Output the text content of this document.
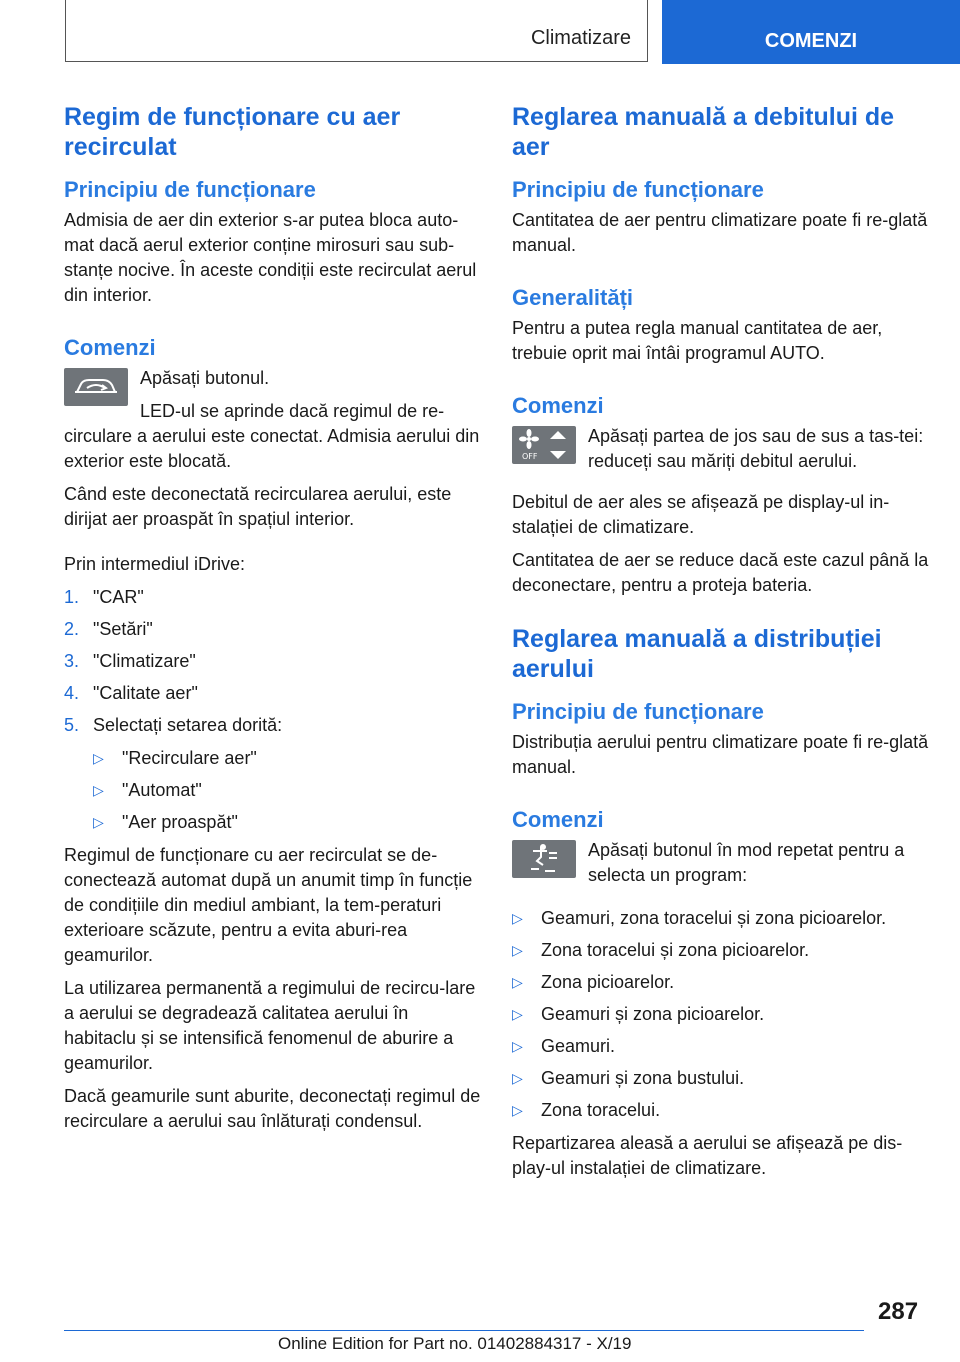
Climatizare	COMENZI
Regim de funcționare cu aer recirculat
Principiu de funcționare

Admisia de aer din exterior s-ar putea bloca auto‐mat dacă aerul exterior conține mirosuri sau sub‐stanțe nocive. În aceste condiții este recirculat aerul din interior.

Comenzi

Apăsați butonul.

LED-ul se aprinde dacă regimul de re‐circulare a aerului este conectat. Admisia aerului din exterior este blocată.

Când este deconectată recircularea aerului, este dirijat aer proaspăt în spațiul interior.

Prin intermediul iDrive:

1. "CAR"
2. "Setări"
3. "Climatizare"
4. "Calitate aer"
5. Selectați setarea dorită:
▷	"Recirculare aer"
▷	"Automat"
▷	"Aer proaspăt"

Regimul de funcționare cu aer recirculat se de‐conectează automat după un anumit timp în funcție de condițiile din mediul ambiant, la tem‐peraturi exterioare scăzute, pentru a evita aburi‐rea geamurilor.

La utilizarea permanentă a regimului de recircu‐lare a aerului se degradează calitatea aerului în habitaclu și se intensifică fenomenul de aburire a geamurilor.

Dacă geamurile sunt aburite, deconectați regimul de recirculare a aerului sau înlăturați condensul.

Reglarea manuală a debitului de aer
Principiu de funcționare

Cantitatea de aer pentru climatizare poate fi re‐glată manual.

Generalități

Pentru a putea regla manual cantitatea de aer, trebuie oprit mai întâi programul AUTO.

Comenzi
OFF

Apăsați partea de jos sau de sus a tas‐tei: reduceți sau măriți debitul aerului.

Debitul de aer ales se afișează pe display-ul in‐stalației de climatizare.

Cantitatea de aer se reduce dacă este cazul până la deconectare, pentru a proteja bateria.

Reglarea manuală a distribuției aerului
Principiu de funcționare

Distribuția aerului pentru climatizare poate fi re‐glată manual.

Comenzi

Apăsați butonul în mod repetat pentru a selecta un program:

▷	Geamuri, zona toracelui și zona picioarelor.
▷	Zona toracelui și zona picioarelor.
▷	Zona picioarelor.
▷	Geamuri și zona picioarelor.
▷	Geamuri.
▷	Geamuri și zona bustului.
▷	Zona toracelui.

Repartizarea aleasă a aerului se afișează pe dis‐play-ul instalației de climatizare.

287
Online Edition for Part no. 01402884317 - X/19
